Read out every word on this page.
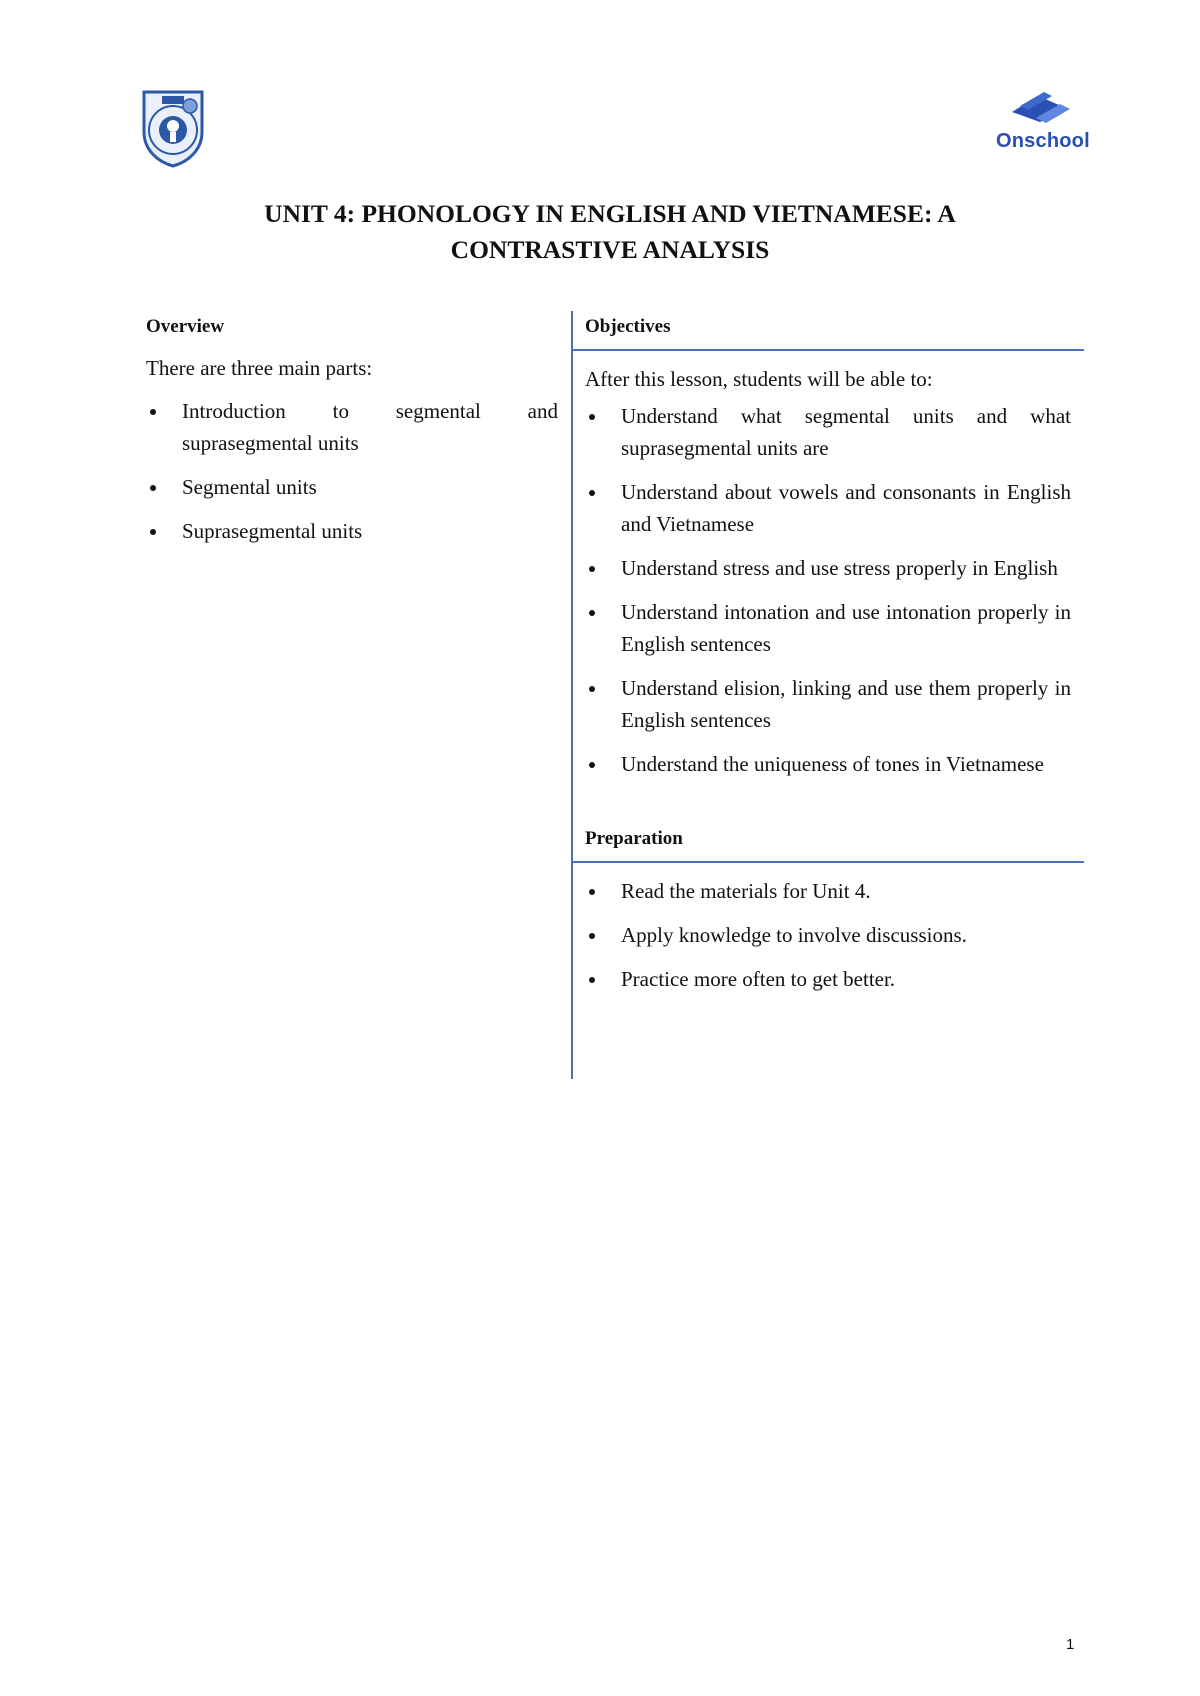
Onschool
UNIT 4: PHONOLOGY IN ENGLISH AND VIETNAMESE: A
CONTRASTIVE ANALYSIS
Overview

There are three main parts:

Introduction to segmental and suprasegmental units
Segmental units
Suprasegmental units
Objectives

After this lesson, students will be able to:

Understand what segmental units and what suprasegmental units are
Understand about vowels and consonants in English and Vietnamese
Understand stress and use stress properly in English
Understand intonation and use intonation properly in English sentences
Understand elision, linking and use them properly in English sentences
Understand the uniqueness of tones in Vietnamese
Preparation
Read the materials for Unit 4.
Apply knowledge to involve discussions.
Practice more often to get better.
1
